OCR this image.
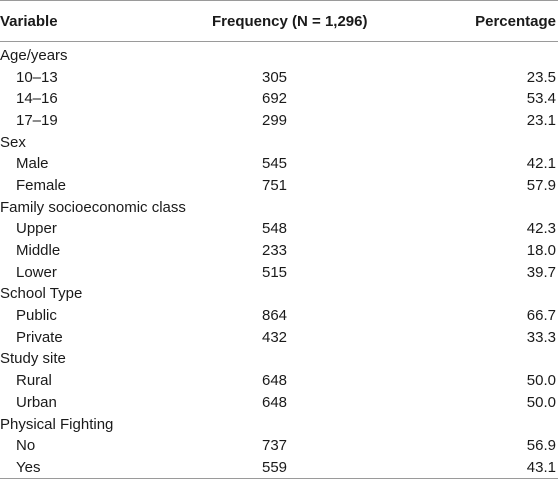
Variable	Frequency (N = 1,296)	Percentage

Age/years		
10–13	305	23.5
14–16	692	53.4
17–19	299	23.1
Sex		
Male	545	42.1
Female	751	57.9
Family socioeconomic class		
Upper	548	42.3
Middle	233	18.0
Lower	515	39.7
School Type		
Public	864	66.7
Private	432	33.3
Study site		
Rural	648	50.0
Urban	648	50.0
Physical Fighting		
No	737	56.9
Yes	559	43.1
